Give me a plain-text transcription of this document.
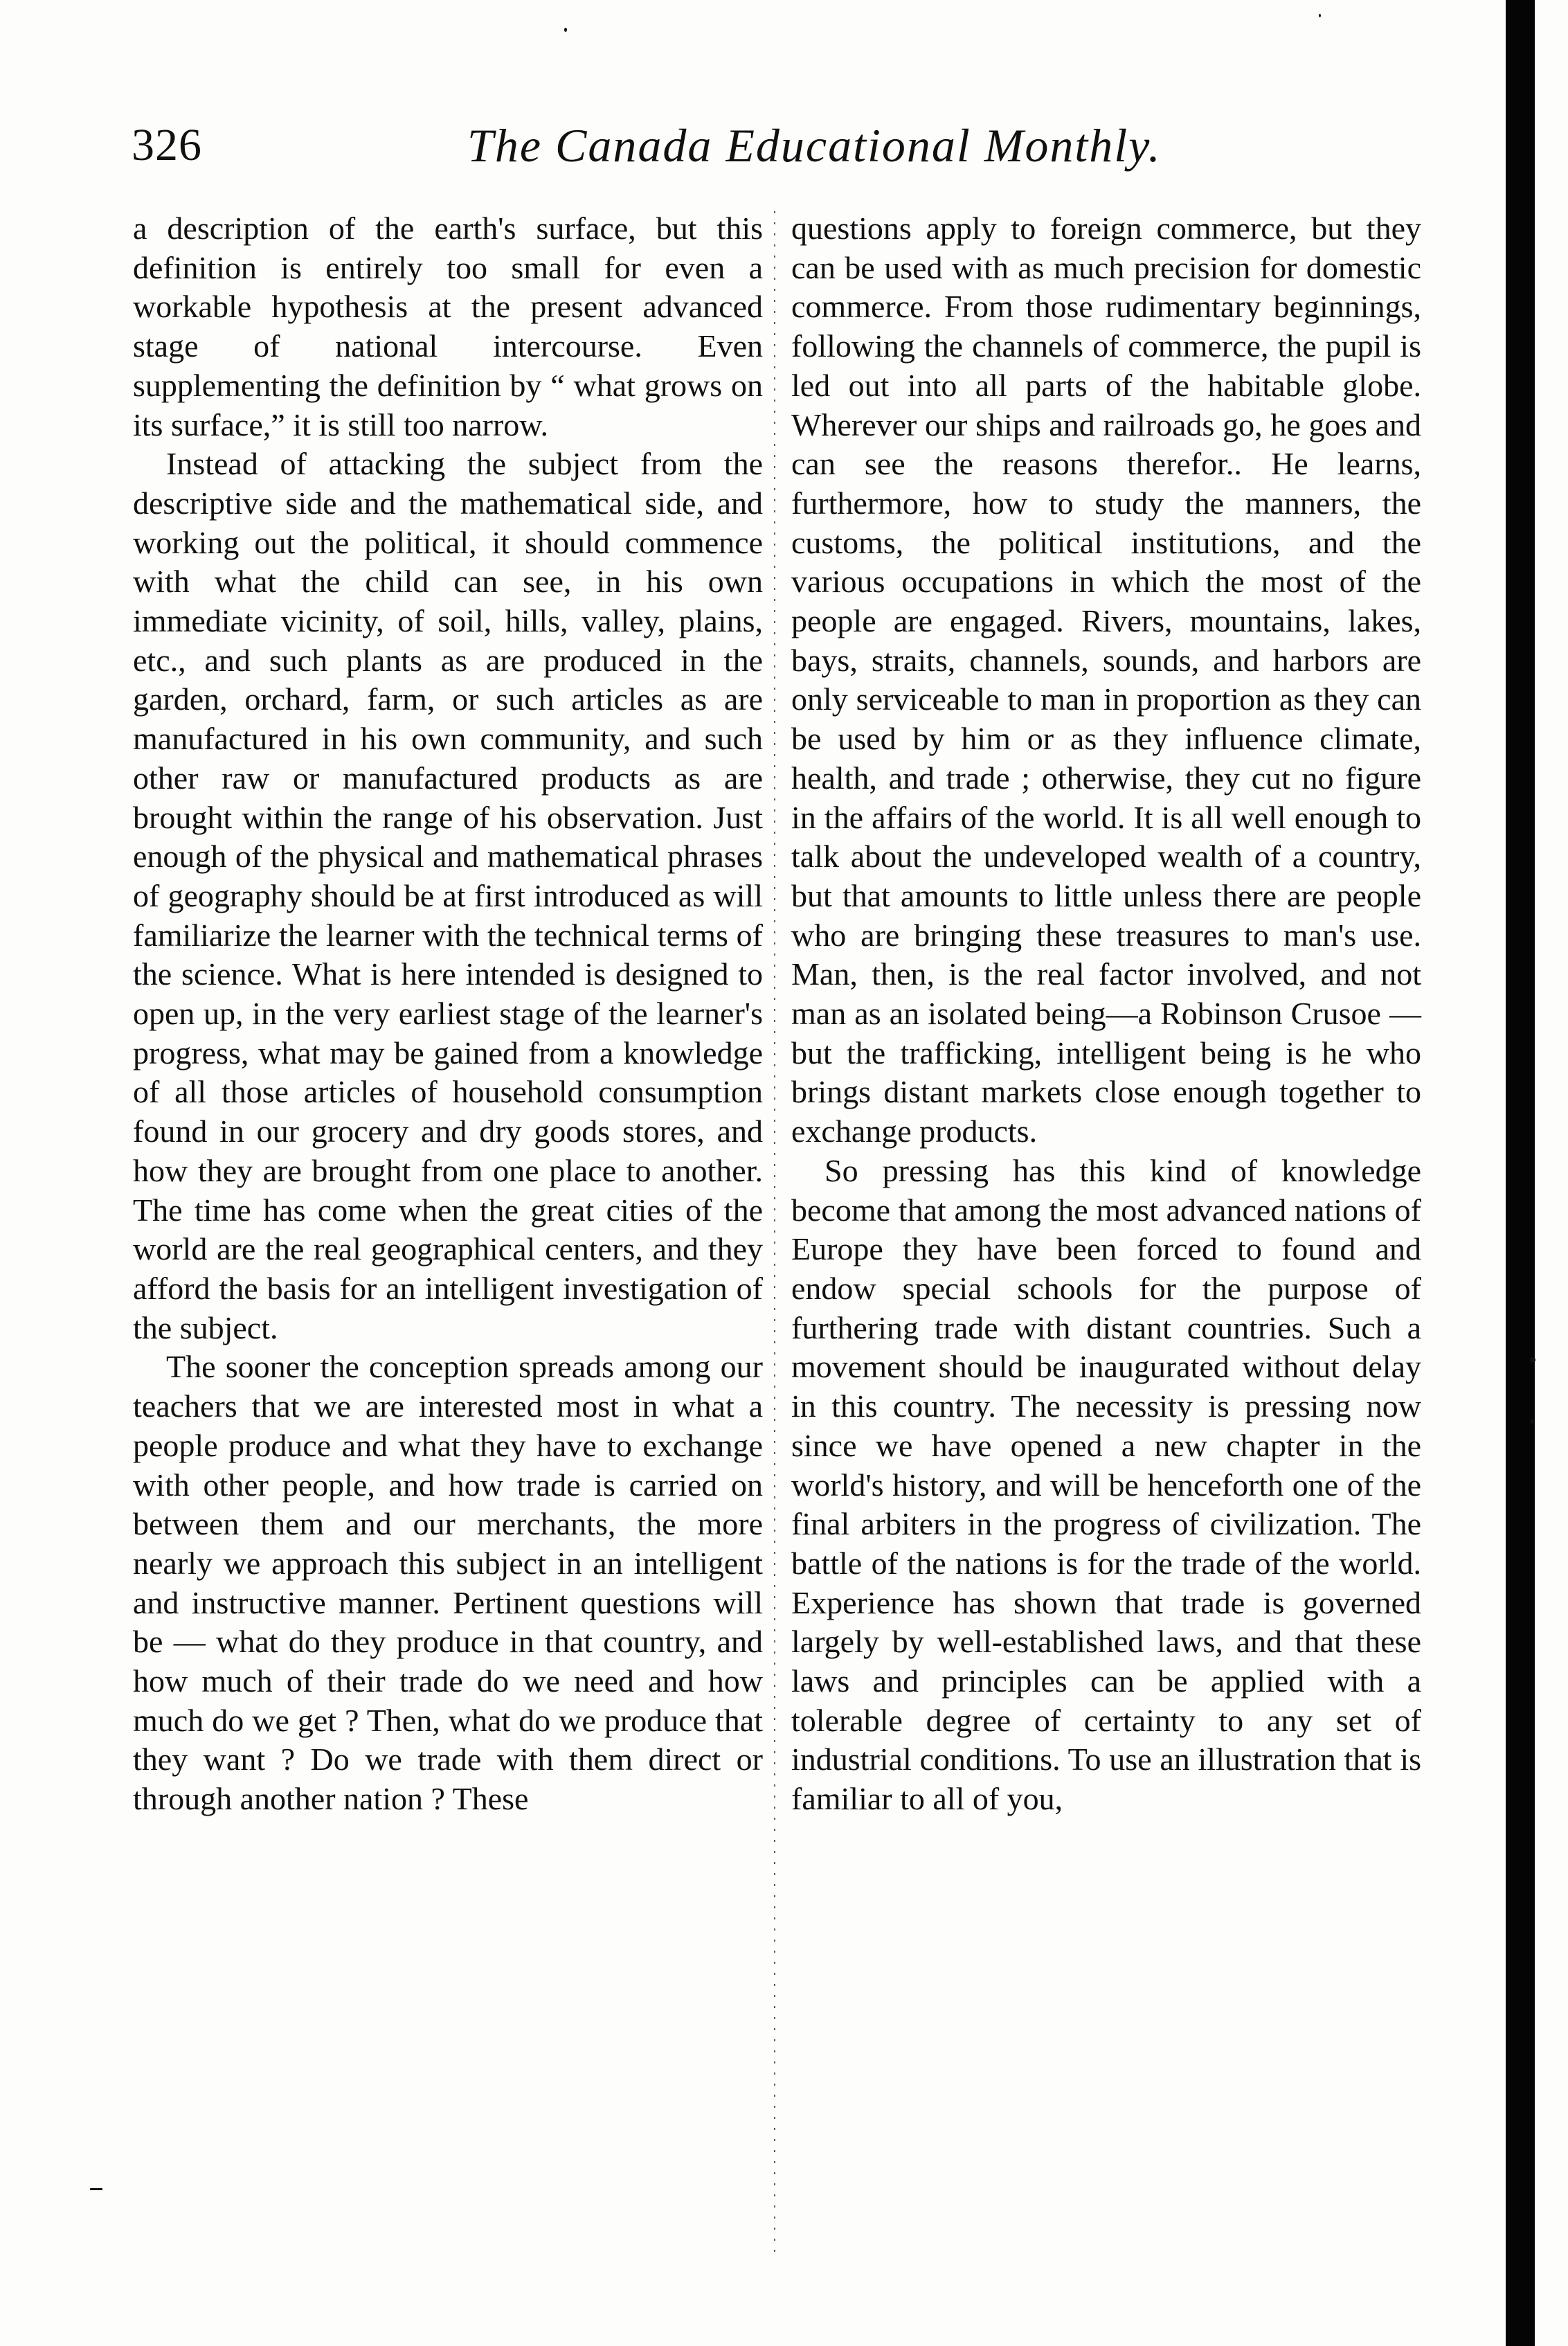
326	The Canada Educational Monthly.

a description of the earth's surface, but this definition is entirely too small for even a workable hypothesis at the present advanced stage of national intercourse. Even supplementing the definition by “ what grows on its surface,” it is still too narrow.

Instead of attacking the subject from the descriptive side and the mathematical side, and working out the political, it should commence with what the child can see, in his own immediate vicinity, of soil, hills, valley, plains, etc., and such plants as are produced in the garden, orchard, farm, or such articles as are manufactured in his own community, and such other raw or manufactured products as are brought within the range of his observation. Just enough of the physical and mathematical phrases of geography should be at first introduced as will familiarize the learner with the technical terms of the science. What is here intended is designed to open up, in the very earliest stage of the learner's progress, what may be gained from a knowledge of all those articles of household consumption found in our grocery and dry goods stores, and how they are brought from one place to another. The time has come when the great cities of the world are the real geographical centers, and they afford the basis for an intelligent investigation of the subject.

The sooner the conception spreads among our teachers that we are interested most in what a people produce and what they have to exchange with other people, and how trade is carried on between them and our merchants, the more nearly we approach this subject in an intelligent and instructive manner. Pertinent questions will be — what do they produce in that country, and how much of their trade do we need and how much do we get ? Then, what do we produce that they want ? Do we trade with them direct or through another nation ? These

questions apply to foreign commerce, but they can be used with as much precision for domestic commerce. From those rudimentary beginnings, following the channels of commerce, the pupil is led out into all parts of the habitable globe. Wherever our ships and railroads go, he goes and can see the reasons therefor.. He learns, furthermore, how to study the manners, the customs, the political institutions, and the various occupations in which the most of the people are engaged. Rivers, mountains, lakes, bays, straits, channels, sounds, and harbors are only serviceable to man in proportion as they can be used by him or as they influence climate, health, and trade ; otherwise, they cut no figure in the affairs of the world. It is all well enough to talk about the undeveloped wealth of a country, but that amounts to little unless there are people who are bringing these treasures to man's use. Man, then, is the real factor involved, and not man as an isolated being—a Robinson Crusoe —but the trafficking, intelligent being is he who brings distant markets close enough together to exchange products.

So pressing has this kind of knowledge become that among the most advanced nations of Europe they have been forced to found and endow special schools for the purpose of furthering trade with distant countries. Such a movement should be inaugurated without delay in this country. The necessity is pressing now since we have opened a new chapter in the world's history, and will be henceforth one of the final arbiters in the progress of civilization. The battle of the nations is for the trade of the world. Experience has shown that trade is governed largely by well-established laws, and that these laws and principles can be applied with a tolerable degree of certainty to any set of industrial conditions. To use an illustration that is familiar to all of you,
